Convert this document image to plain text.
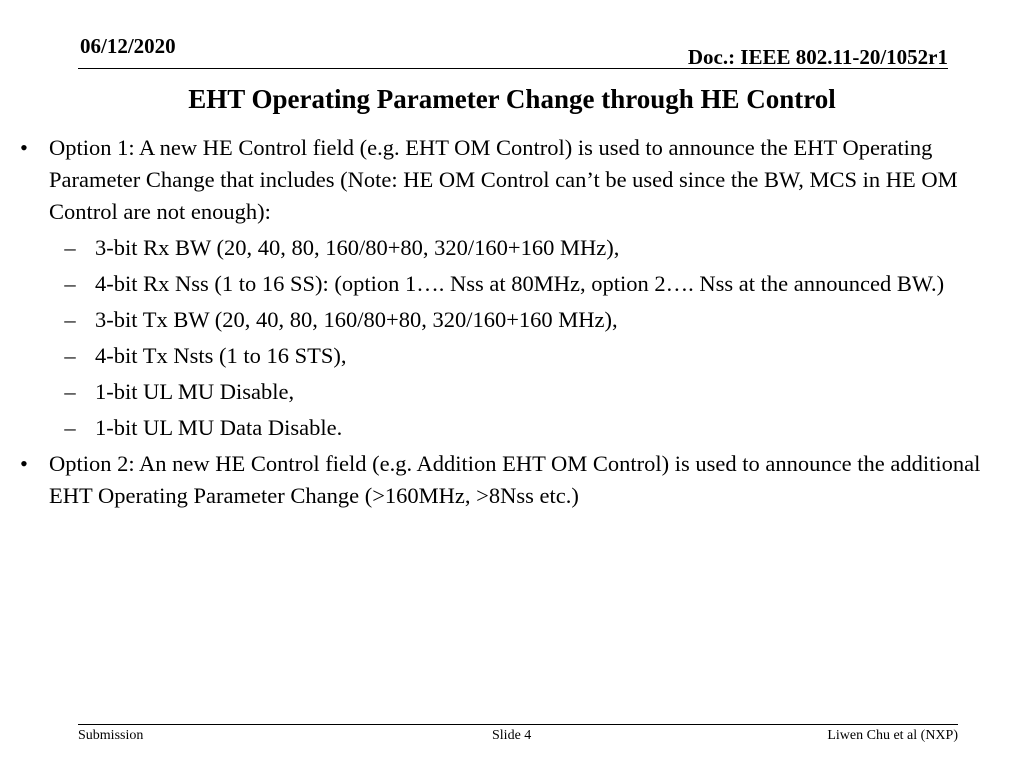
06/12/2020	Doc.: IEEE 802.11-20/1052r1
EHT Operating Parameter Change through HE Control
• Option 1: A new HE Control field (e.g. EHT OM Control) is used to announce the EHT Operating Parameter Change that includes (Note: HE OM Control can’t be used since the BW, MCS in HE OM Control are not enough):
– 3-bit Rx BW (20, 40, 80, 160/80+80, 320/160+160 MHz),
– 4-bit Rx Nss (1 to 16 SS): (option 1…. Nss at 80MHz, option 2…. Nss at the announced BW.)
– 3-bit Tx BW (20, 40, 80, 160/80+80, 320/160+160 MHz),
– 4-bit Tx Nsts (1 to 16 STS),
– 1-bit UL MU Disable,
– 1-bit UL MU Data Disable.
• Option 2: An new HE Control field (e.g. Addition EHT OM Control) is used to announce the additional EHT Operating Parameter Change (>160MHz, >8Nss etc.)
Submission	Slide 4	Liwen Chu et al (NXP)
